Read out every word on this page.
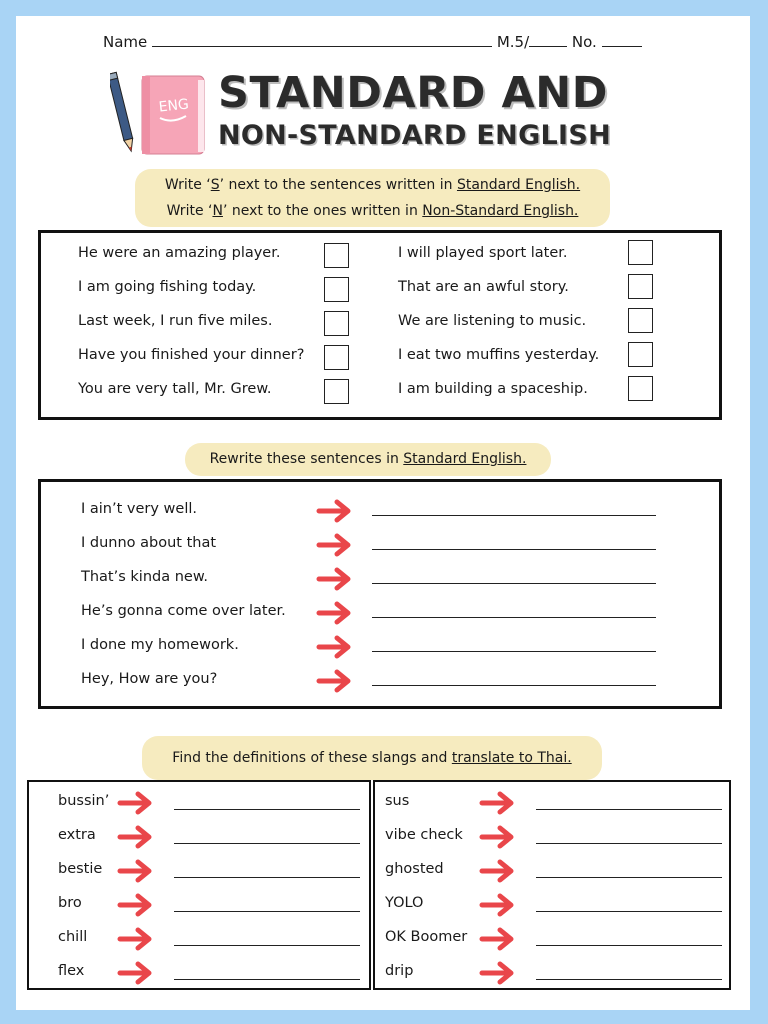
Name	M.5/	No.
ENG STANDARD AND
NON-STANDARD ENGLISH
Write ‘S’ next to the sentences written in Standard English.
Write ‘N’ next to the ones written in Non-Standard English.
He were an amazing player.
I am going fishing today.
Last week, I run five miles.
Have you finished your dinner?
You are very tall, Mr. Grew.
I will played sport later.
That are an awful story.
We are listening to music.
I eat two muffins yesterday.
I am building a spaceship.
Rewrite these sentences in Standard English.
I ain’t very well.
I dunno about that
That’s kinda new.
He’s gonna come over later.
I done my homework.
Hey, How are you?
Find the definitions of these slangs and translate to Thai.
bussin’
extra
bestie
bro
chill
flex
sus
vibe check
ghosted
YOLO
OK Boomer
drip
